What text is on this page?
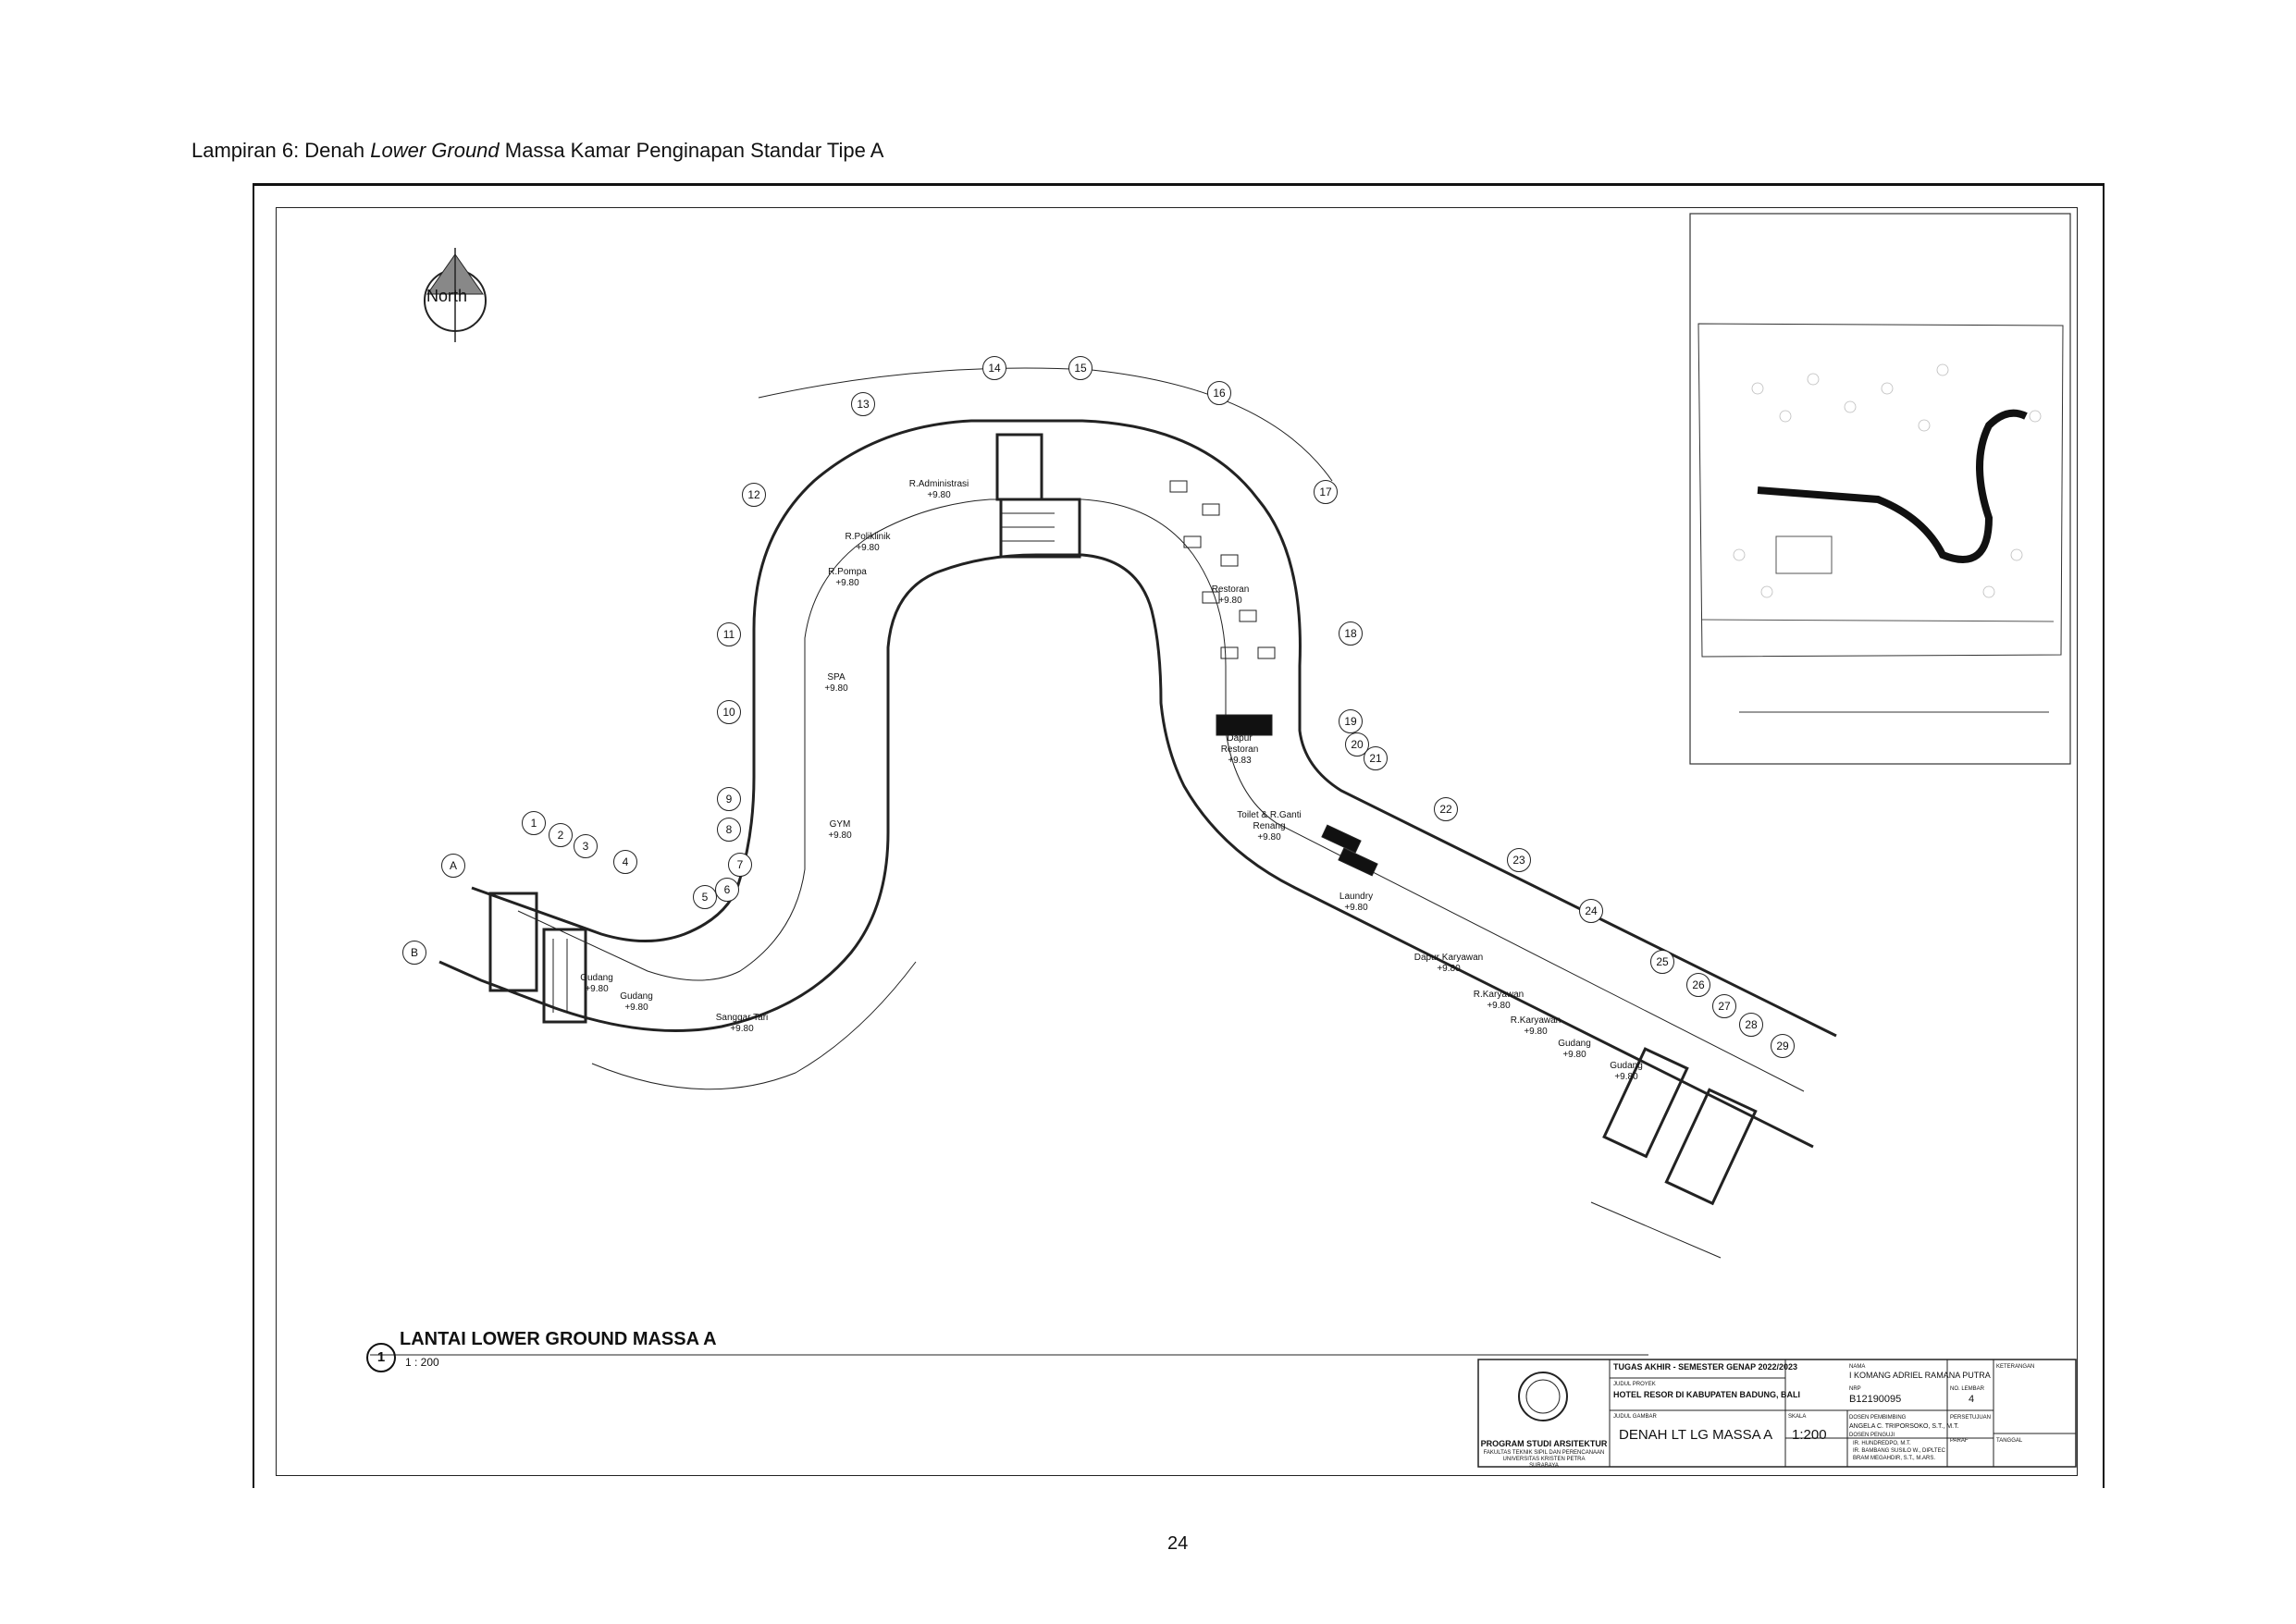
Lampiran 6: Denah Lower Ground Massa Kamar Penginapan Standar Tipe A
North
R.Administrasi
+9.80
R.Poliklinik
+9.80
R.Pompa
+9.80
SPA
+9.80
GYM
+9.80
Restoran
+9.80
Dapur
Restoran
+9.83
Toilet & R.Ganti
Renang
+9.80
Laundry
+9.80
Dapur Karyawan
+9.80
R.Karyawan
+9.80
R.Karyawan
+9.80
Gudang
+9.80
Gudang
+9.80
Gudang
+9.80
Gudang
+9.80
Sanggar Tari
+9.80
1
2
3
4
5
6
7
8
9
10
11
12
13
14	15
16
17
18
19
20
21
22
23
24
25
26
27
28
29
A
B
1
LANTAI LOWER GROUND MASSA A
1 : 200
PROGRAM STUDI ARSITEKTUR
FAKULTAS TEKNIK SIPIL DAN PERENCANAAN
UNIVERSITAS KRISTEN PETRA
SURABAYA
TUGAS AKHIR - SEMESTER GENAP 2022/2023
JUDUL PROYEK
HOTEL RESOR DI KABUPATEN BADUNG, BALI
JUDUL GAMBAR
DENAH LT LG MASSA A
SKALA
1:200
NAMA
I KOMANG ADRIEL RAMANA PUTRA
NRP
B12190095
NO. LEMBAR
4
DOSEN PEMBIMBING
ANGELA C. TRIPORSOKO, S.T., M.T.
DOSEN PENGUJI
IR. HUNDREDPO, M.T.
IR. BAMBANG SUSILO W., DIPLTEC
BRAM MEGAHDIR, S.T., M.ARS.
PERSETUJUAN
PARAF	TANGGAL
KETERANGAN
24
